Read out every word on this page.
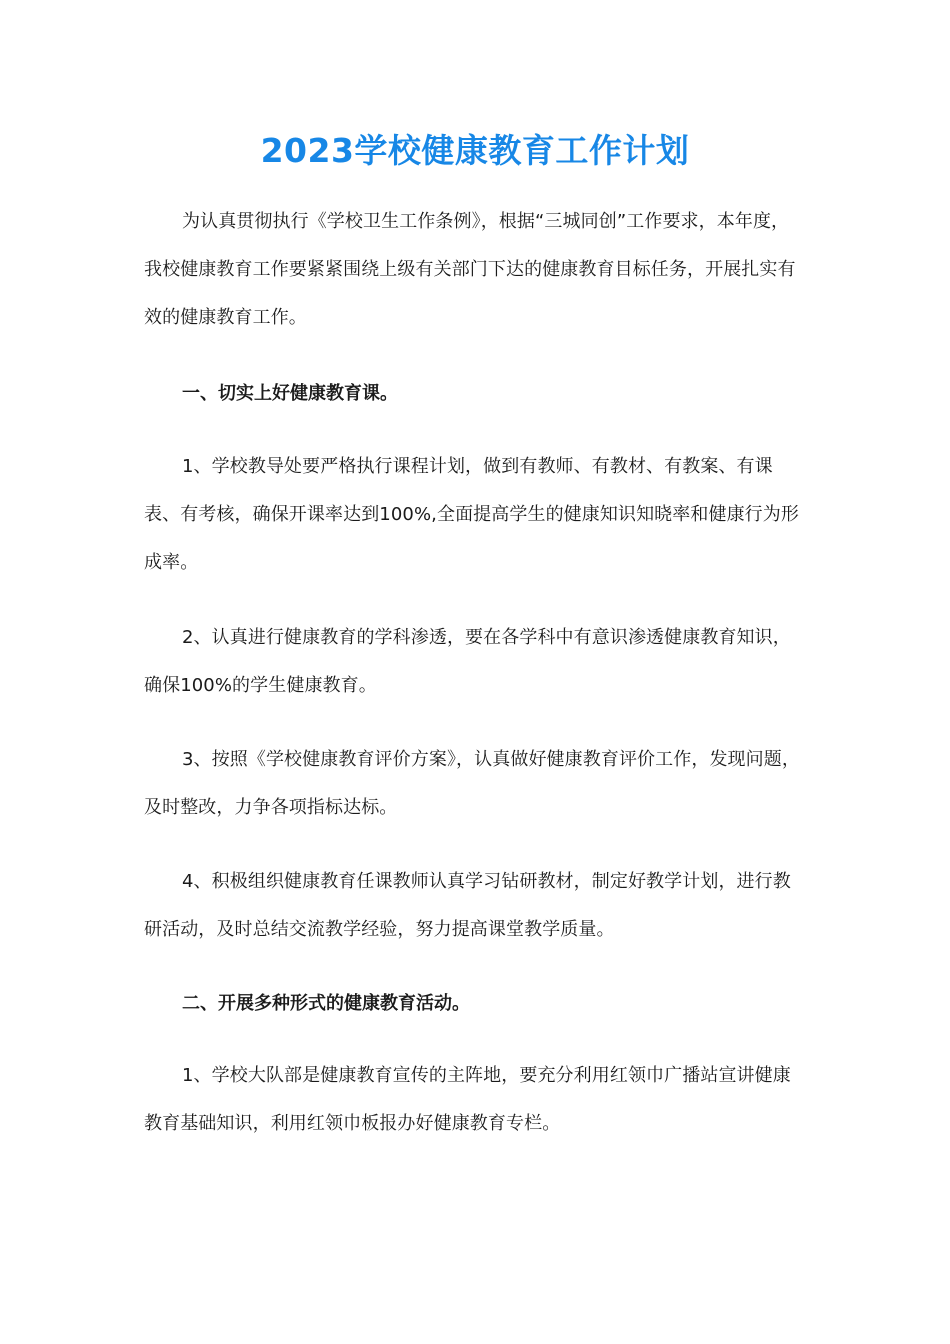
2023学校健康教育工作计划

为认真贯彻执行《学校卫生工作条例》，根据“三城同创”工作要求，本年度，我校健康教育工作要紧紧围绕上级有关部门下达的健康教育目标任务，开展扎实有效的健康教育工作。

一、切实上好健康教育课。

1、学校教导处要严格执行课程计划，做到有教师、有教材、有教案、有课表、有考核，确保开课率达到100%,全面提高学生的健康知识知晓率和健康行为形成率。

2、认真进行健康教育的学科渗透，要在各学科中有意识渗透健康教育知识，确保100%的学生健康教育。

3、按照《学校健康教育评价方案》，认真做好健康教育评价工作，发现问题，及时整改，力争各项指标达标。

4、积极组织健康教育任课教师认真学习钻研教材，制定好教学计划，进行教研活动，及时总结交流教学经验，努力提高课堂教学质量。

二、开展多种形式的健康教育活动。

1、学校大队部是健康教育宣传的主阵地，要充分利用红领巾广播站宣讲健康教育基础知识，利用红领巾板报办好健康教育专栏。
